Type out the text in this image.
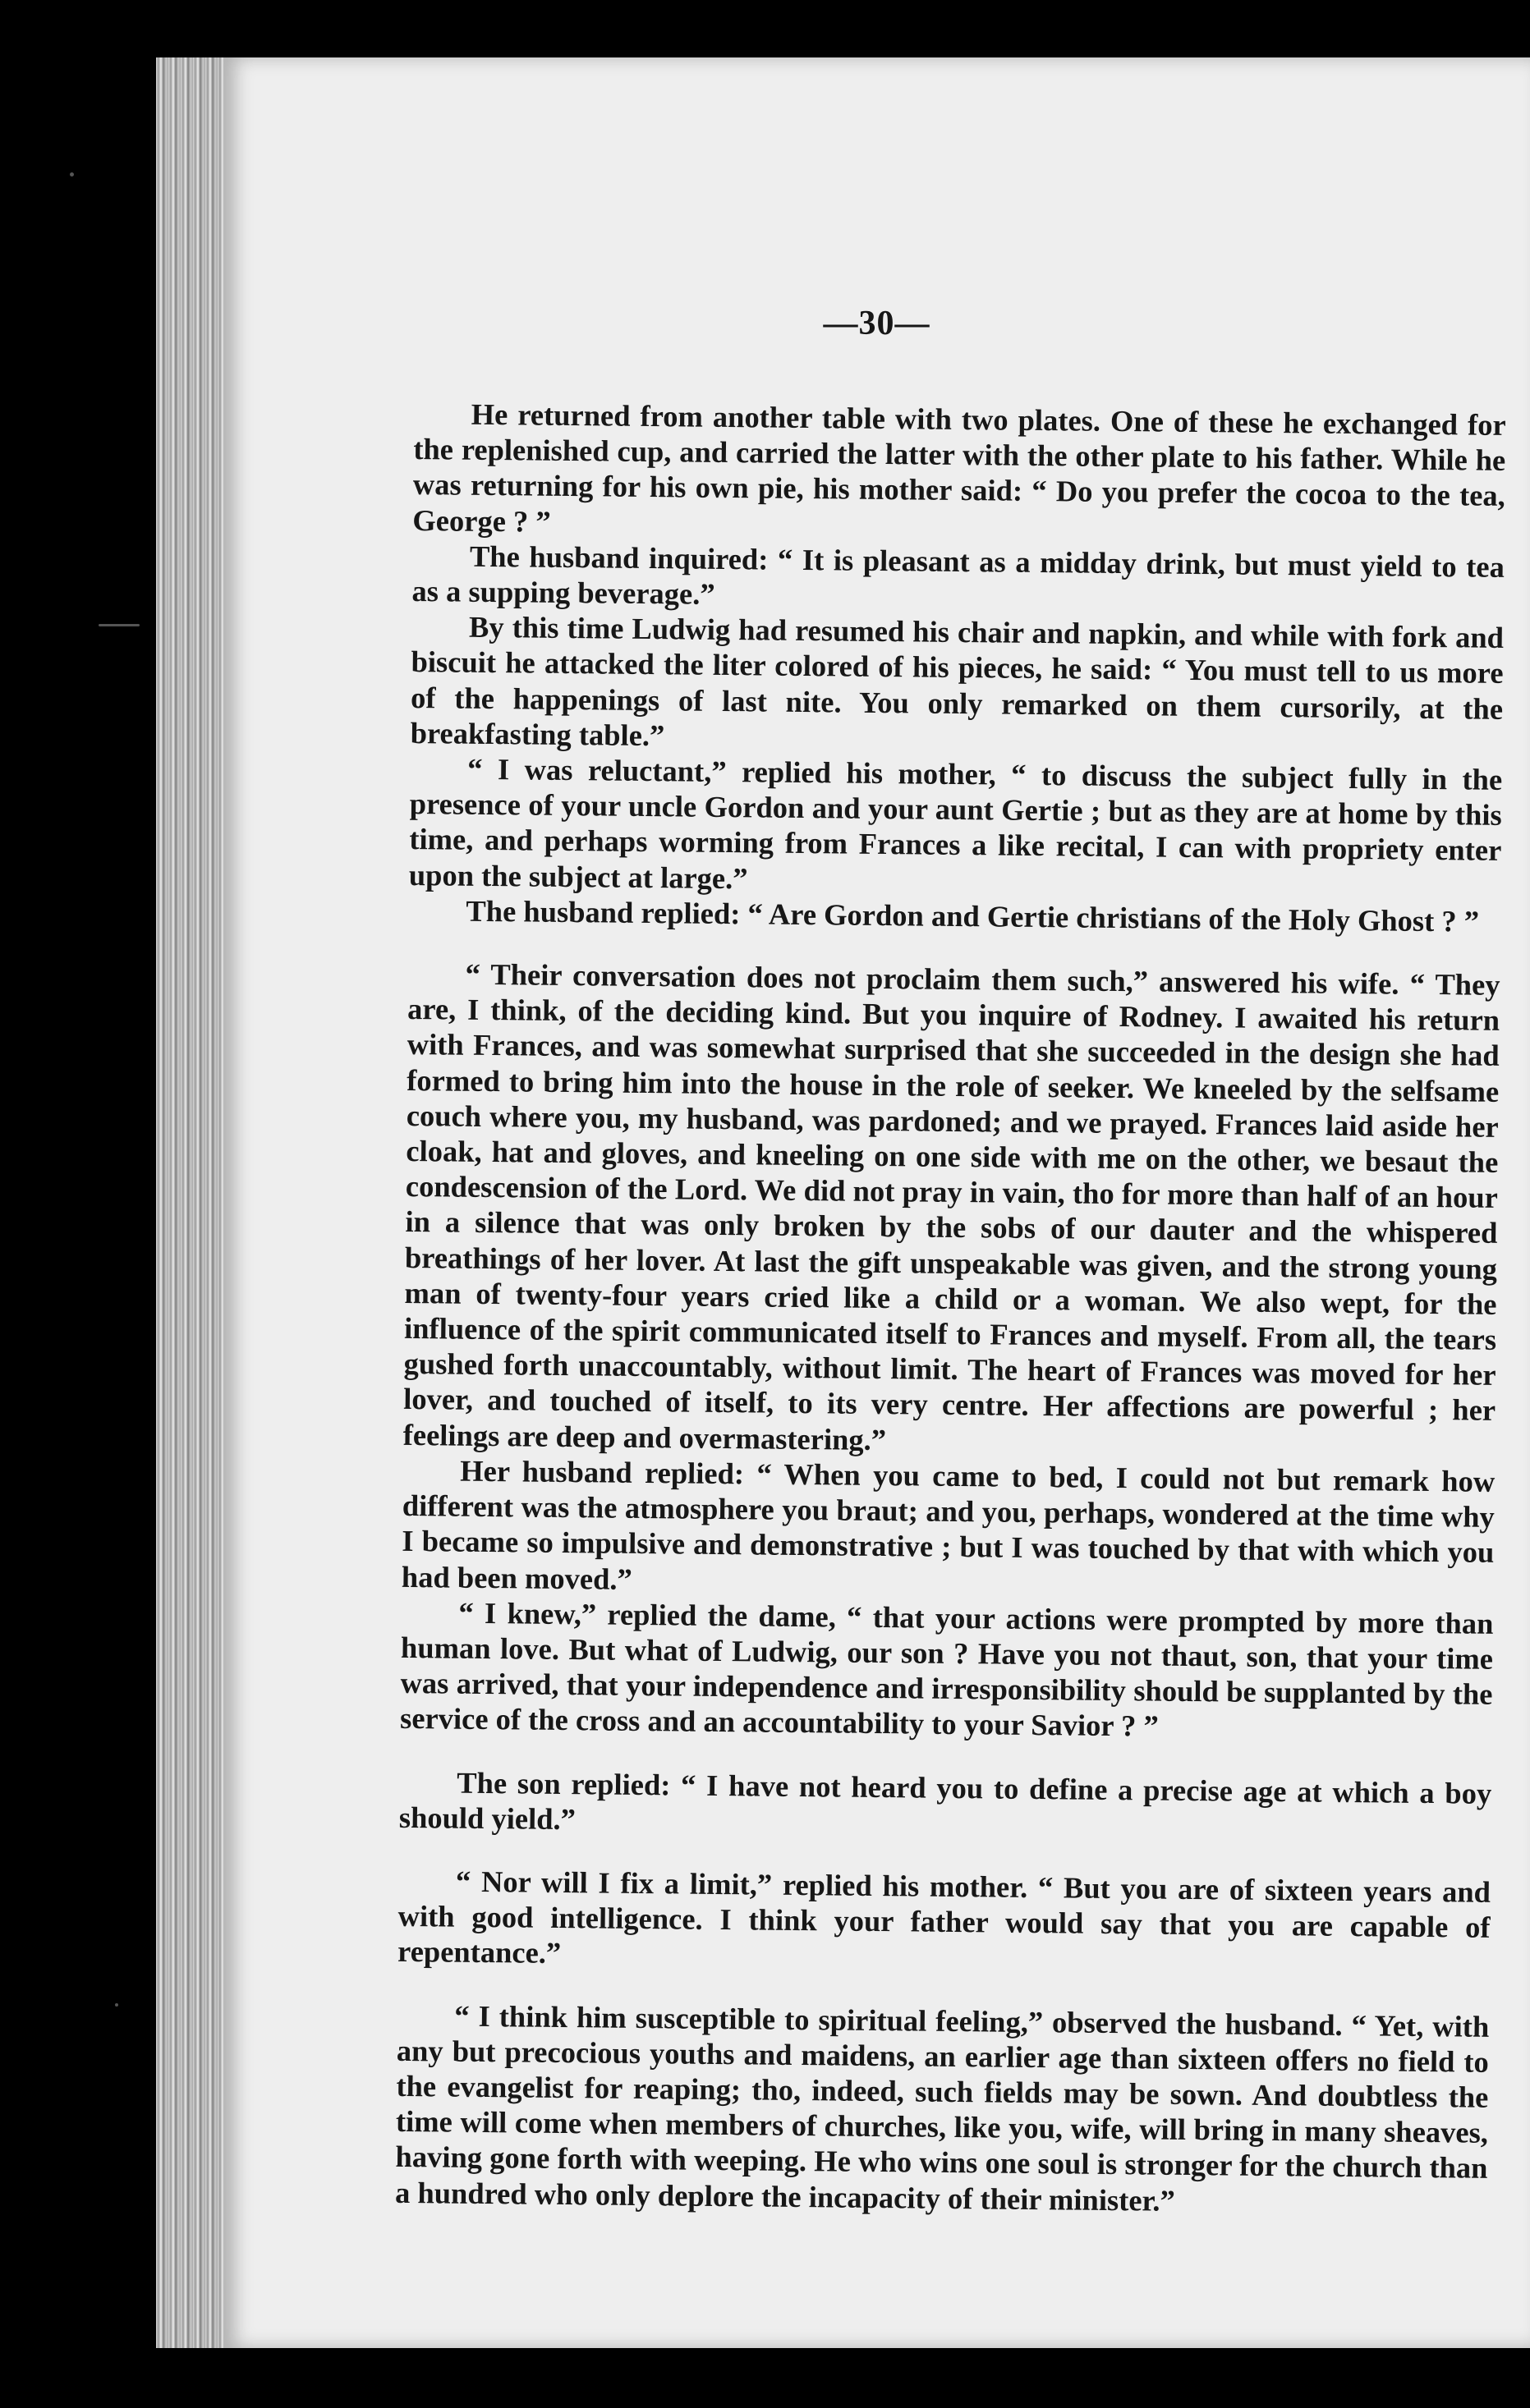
—30—

He returned from another table with two plates. One of these he exchanged for the replenished cup, and carried the latter with the other plate to his father. While he was returning for his own pie, his mother said: “ Do you prefer the cocoa to the tea, George ? ”

The husband inquired: “ It is pleasant as a midday drink, but must yield to tea as a supping beverage.”

By this time Ludwig had resumed his chair and napkin, and while with fork and biscuit he attacked the liter colored of his pieces, he said: “ You must tell to us more of the happenings of last nite. You only remarked on them cursorily, at the breakfasting table.”

“ I was reluctant,” replied his mother, “ to discuss the subject fully in the presence of your uncle Gordon and your aunt Gertie ; but as they are at home by this time, and perhaps worming from Frances a like recital, I can with propriety enter upon the subject at large.”

The husband replied: “ Are Gordon and Gertie christians of the Holy Ghost ? ”

“ Their conversation does not proclaim them such,” answered his wife. “ They are, I think, of the deciding kind. But you inquire of Rodney. I awaited his return with Frances, and was somewhat surprised that she succeeded in the design she had formed to bring him into the house in the role of seeker. We kneeled by the selfsame couch where you, my husband, was pardoned; and we prayed. Frances laid aside her cloak, hat and gloves, and kneeling on one side with me on the other, we besaut the condescension of the Lord. We did not pray in vain, tho for more than half of an hour in a silence that was only broken by the sobs of our dauter and the whispered breathings of her lover. At last the gift unspeakable was given, and the strong young man of twenty-four years cried like a child or a woman. We also wept, for the influence of the spirit communicated itself to Frances and myself. From all, the tears gushed forth unaccountably, without limit. The heart of Frances was moved for her lover, and touched of itself, to its very centre. Her affections are powerful ; her feelings are deep and overmastering.”

Her husband replied: “ When you came to bed, I could not but remark how different was the atmosphere you braut; and you, perhaps, wondered at the time why I became so impulsive and demonstrative ; but I was touched by that with which you had been moved.”

“ I knew,” replied the dame, “ that your actions were prompted by more than human love. But what of Ludwig, our son ? Have you not thaut, son, that your time was arrived, that your independence and irresponsibility should be supplanted by the service of the cross and an accountability to your Savior ? ”

The son replied: “ I have not heard you to define a precise age at which a boy should yield.”

“ Nor will I fix a limit,” replied his mother. “ But you are of sixteen years and with good intelligence. I think your father would say that you are capable of repentance.”

“ I think him susceptible to spiritual feeling,” observed the husband. “ Yet, with any but precocious youths and maidens, an earlier age than sixteen offers no field to the evangelist for reaping; tho, indeed, such fields may be sown. And doubtless the time will come when members of churches, like you, wife, will bring in many sheaves, having gone forth with weeping. He who wins one soul is stronger for the church than a hundred who only deplore the incapacity of their minister.”
